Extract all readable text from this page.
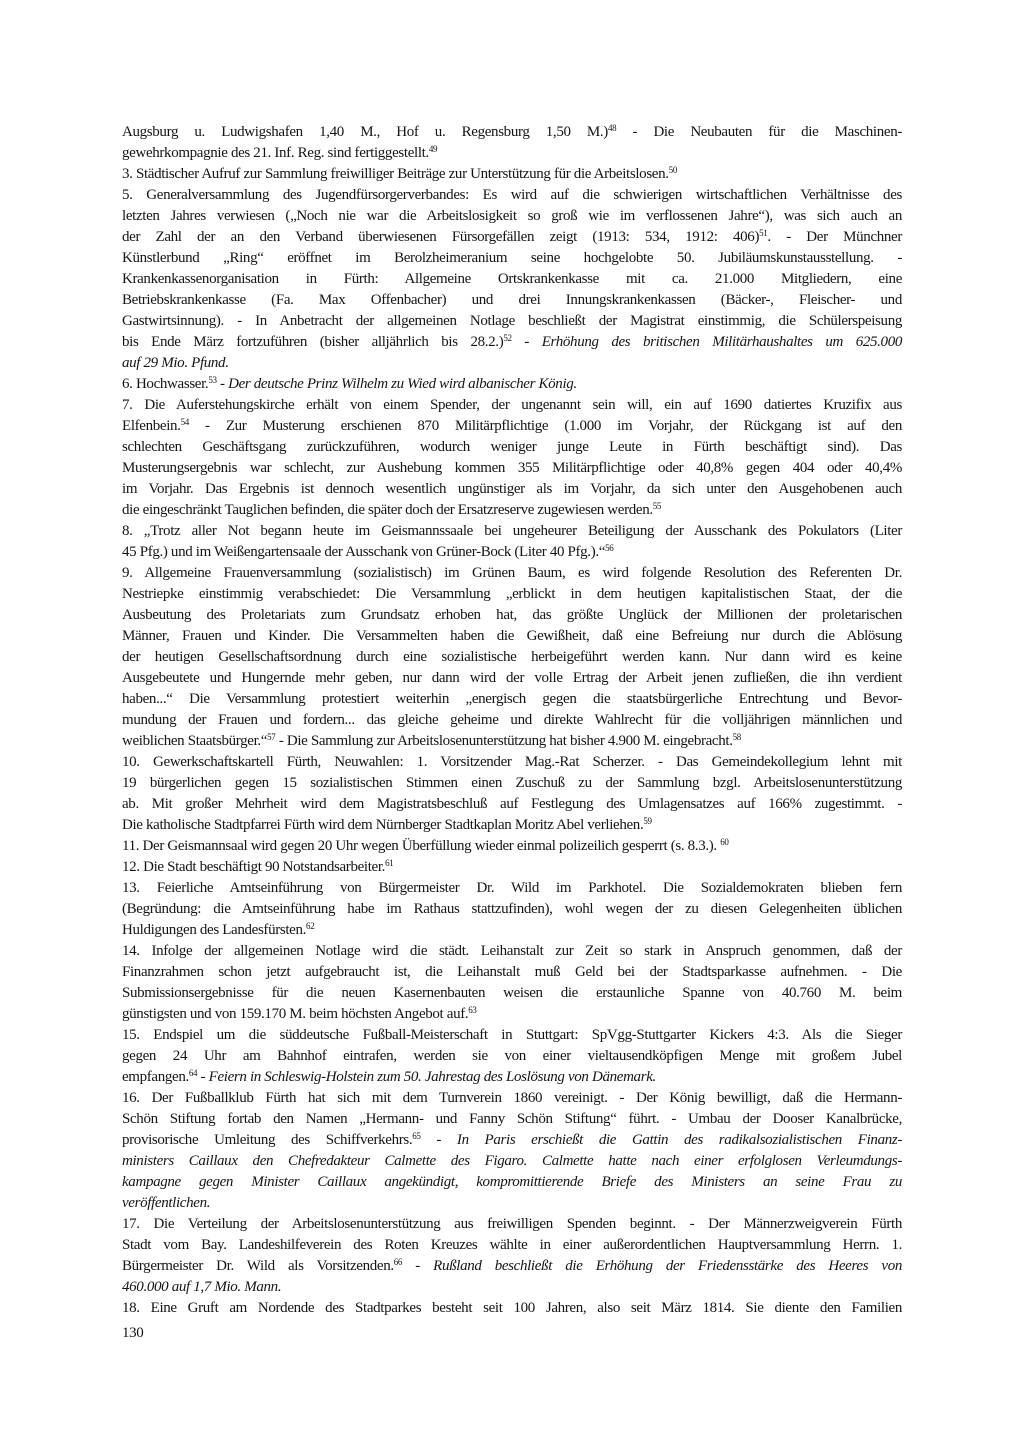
Augsburg u. Ludwigshafen 1,40 M., Hof u. Regensburg 1,50 M.)$^{48}$ - Die Neubauten für die Maschinen-
gewehrkompagnie des 21. Inf. Reg. sind fertiggestellt.$^{49}$
3. Städtischer Aufruf zur Sammlung freiwilliger Beiträge zur Unterstützung für die Arbeitslosen.$^{50}$
5. Generalversammlung des Jugendfürsorgerverbandes: Es wird auf die schwierigen wirtschaftlichen Verhältnisse des
letzten Jahres verwiesen („Noch nie war die Arbeitslosigkeit so groß wie im verflossenen Jahre“), was sich auch an
der Zahl der an den Verband überwiesenen Fürsorgefällen zeigt (1913: 534, 1912: 406)$^{51}$. - Der Münchner
Künstlerbund „Ring“ eröffnet im Berolzheimeranium seine hochgelobte 50. Jubiläumskunstausstellung. -
Krankenkassenorganisation in Fürth: Allgemeine Ortskrankenkasse mit ca. 21.000 Mitgliedern, eine
Betriebskrankenkasse (Fa. Max Offenbacher) und drei Innungskrankenkassen (Bäcker-, Fleischer- und
Gastwirtsinnung). - In Anbetracht der allgemeinen Notlage beschließt der Magistrat einstimmig, die Schülerspeisung
bis Ende März fortzuführen (bisher alljährlich bis 28.2.)$^{52}$ - Erhöhung des britischen Militärhaushaltes um 625.000
auf 29 Mio. Pfund.
6. Hochwasser.$^{53}$ - Der deutsche Prinz Wilhelm zu Wied wird albanischer König.
7. Die Auferstehungskirche erhält von einem Spender, der ungenannt sein will, ein auf 1690 datiertes Kruzifix aus
Elfenbein.$^{54}$ - Zur Musterung erschienen 870 Militärpflichtige (1.000 im Vorjahr, der Rückgang ist auf den
schlechten Geschäftsgang zurückzuführen, wodurch weniger junge Leute in Fürth beschäftigt sind). Das
Musterungsergebnis war schlecht, zur Aushebung kommen 355 Militärpflichtige oder 40,8% gegen 404 oder 40,4%
im Vorjahr. Das Ergebnis ist dennoch wesentlich ungünstiger als im Vorjahr, da sich unter den Ausgehobenen auch
die eingeschränkt Tauglichen befinden, die später doch der Ersatzreserve zugewiesen werden.$^{55}$
8. „Trotz aller Not begann heute im Geismannssaale bei ungeheurer Beteiligung der Ausschank des Pokulators (Liter
45 Pfg.) und im Weißengartensaale der Ausschank von Grüner-Bock (Liter 40 Pfg.).“$^{56}$
9. Allgemeine Frauenversammlung (sozialistisch) im Grünen Baum, es wird folgende Resolution des Referenten Dr.
Nestriepke einstimmig verabschiedet: Die Versammlung „erblickt in dem heutigen kapitalistischen Staat, der die
Ausbeutung des Proletariats zum Grundsatz erhoben hat, das größte Unglück der Millionen der proletarischen
Männer, Frauen und Kinder. Die Versammelten haben die Gewißheit, daß eine Befreiung nur durch die Ablösung
der heutigen Gesellschaftsordnung durch eine sozialistische herbeigeführt werden kann. Nur dann wird es keine
Ausgebeutete und Hungernde mehr geben, nur dann wird der volle Ertrag der Arbeit jenen zufließen, die ihn verdient
haben...“ Die Versammlung protestiert weiterhin „energisch gegen die staatsbürgerliche Entrechtung und Bevor-
mundung der Frauen und fordern... das gleiche geheime und direkte Wahlrecht für die volljährigen männlichen und
weiblichen Staatsbürger.“$^{57}$ - Die Sammlung zur Arbeitslosenunterstützung hat bisher 4.900 M. eingebracht.$^{58}$
10. Gewerkschaftskartell Fürth, Neuwahlen: 1. Vorsitzender Mag.-Rat Scherzer. - Das Gemeindekollegium lehnt mit
19 bürgerlichen gegen 15 sozialistischen Stimmen einen Zuschuß zu der Sammlung bzgl. Arbeitslosenunterstützung
ab. Mit großer Mehrheit wird dem Magistratsbeschluß auf Festlegung des Umlagensatzes auf 166% zugestimmt. -
Die katholische Stadtpfarrei Fürth wird dem Nürnberger Stadtkaplan Moritz Abel verliehen.$^{59}$
11. Der Geismannsaal wird gegen 20 Uhr wegen Überfüllung wieder einmal polizeilich gesperrt (s. 8.3.). $^{60}$
12. Die Stadt beschäftigt 90 Notstandsarbeiter.$^{61}$
13. Feierliche Amtseinführung von Bürgermeister Dr. Wild im Parkhotel. Die Sozialdemokraten blieben fern
(Begründung: die Amtseinführung habe im Rathaus stattzufinden), wohl wegen der zu diesen Gelegenheiten üblichen
Huldigungen des Landesfürsten.$^{62}$
14. Infolge der allgemeinen Notlage wird die städt. Leihanstalt zur Zeit so stark in Anspruch genommen, daß der
Finanzrahmen schon jetzt aufgebraucht ist, die Leihanstalt muß Geld bei der Stadtsparkasse aufnehmen. - Die
Submissionsergebnisse für die neuen Kasernenbauten weisen die erstaunliche Spanne von 40.760 M. beim
günstigsten und von 159.170 M. beim höchsten Angebot auf.$^{63}$
15. Endspiel um die süddeutsche Fußball-Meisterschaft in Stuttgart: SpVgg-Stuttgarter Kickers 4:3. Als die Sieger
gegen 24 Uhr am Bahnhof eintrafen, werden sie von einer vieltausendköpfigen Menge mit großem Jubel
empfangen.$^{64}$ - Feiern in Schleswig-Holstein zum 50. Jahrestag des Loslösung von Dänemark.
16. Der Fußballklub Fürth hat sich mit dem Turnverein 1860 vereinigt. - Der König bewilligt, daß die Hermann-
Schön Stiftung fortab den Namen „Hermann- und Fanny Schön Stiftung“ führt. - Umbau der Dooser Kanalbrücke,
provisorische Umleitung des Schiffverkehrs.$^{65}$ - In Paris erschießt die Gattin des radikalsozialistischen Finanz-
ministers Caillaux den Chefredakteur Calmette des Figaro. Calmette hatte nach einer erfolglosen Verleumdungs-
kampagne gegen Minister Caillaux angekündigt, kompromittierende Briefe des Ministers an seine Frau zu
veröffentlichen.
17. Die Verteilung der Arbeitslosenunterstützung aus freiwilligen Spenden beginnt. - Der Männerzweigverein Fürth
Stadt vom Bay. Landeshilfeverein des Roten Kreuzes wählte in einer außerordentlichen Hauptversammlung Herrn. 1.
Bürgermeister Dr. Wild als Vorsitzenden.$^{66}$ - Rußland beschließt die Erhöhung der Friedensstärke des Heeres von
460.000 auf 1,7 Mio. Mann.
18. Eine Gruft am Nordende des Stadtparkes besteht seit 100 Jahren, also seit März 1814. Sie diente den Familien
130
